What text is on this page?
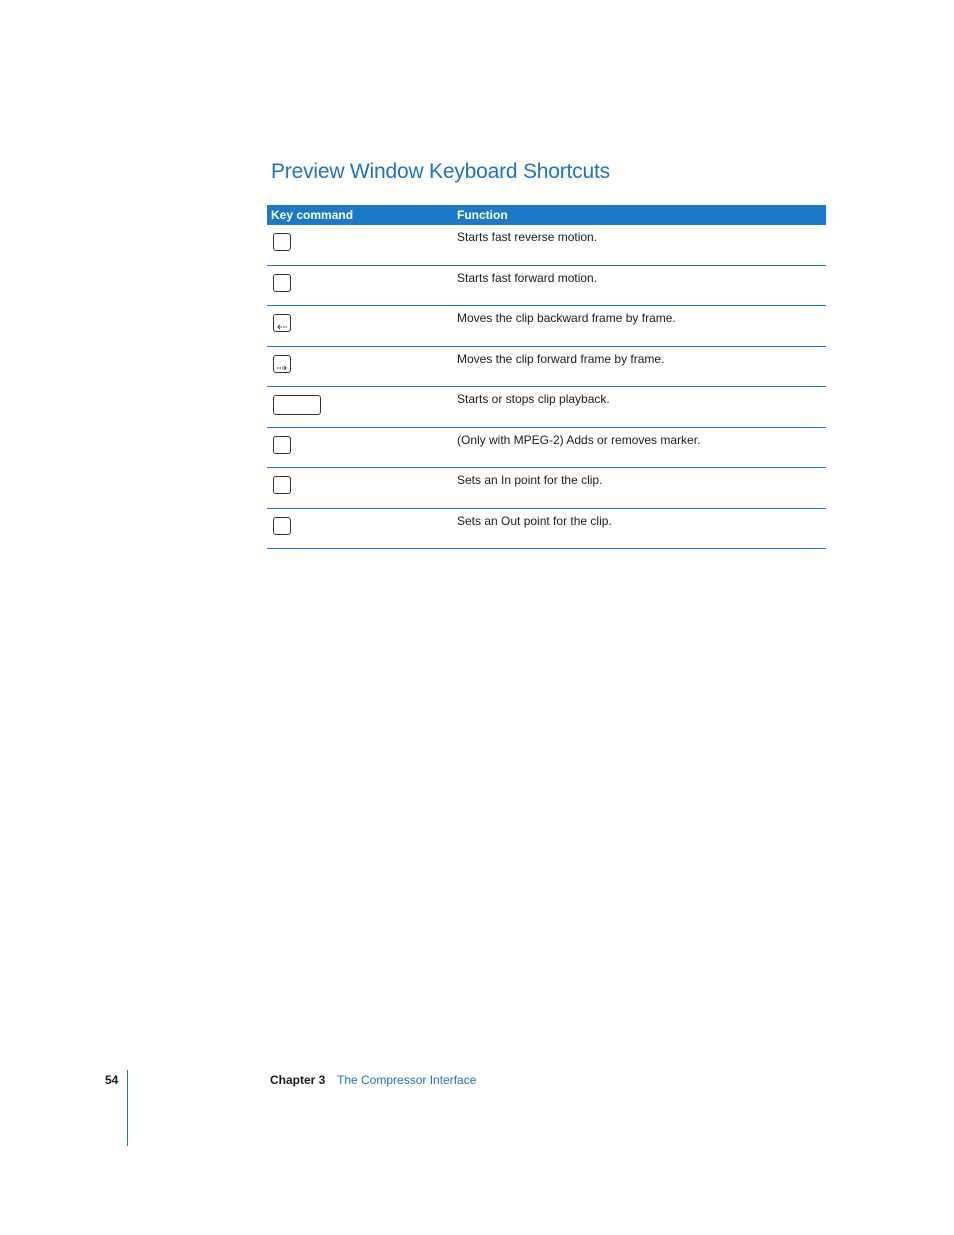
Preview Window Keyboard Shortcuts
Key command	Function
Starts fast reverse motion.
Starts fast forward motion.
Moves the clip backward frame by frame.
Moves the clip forward frame by frame.
Starts or stops clip playback.
(Only with MPEG-2) Adds or removes marker.
Sets an In point for the clip.
Sets an Out point for the clip.
54	Chapter 3 The Compressor Interface
